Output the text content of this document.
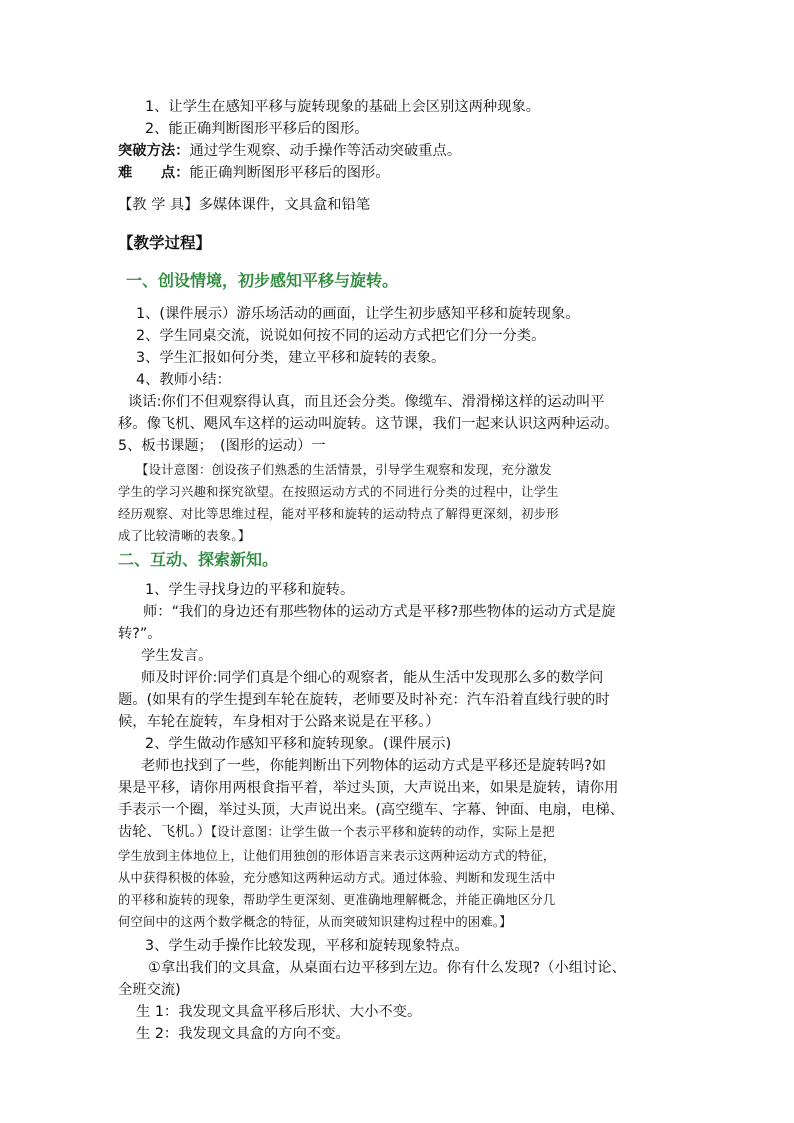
1、让学生在感知平移与旋转现象的基础上会区别这两种现象。
2、能正确判断图形平移后的图形。
突破方法：通过学生观察、动手操作等活动突破重点。
难　　点：能正确判断图形平移后的图形。
【教 学 具】多媒体课件，文具盒和铅笔
【教学过程】
一、创设情境，初步感知平移与旋转。
1、(课件展示）游乐场活动的画面，让学生初步感知平移和旋转现象。
2、学生同桌交流，说说如何按不同的运动方式把它们分一分类。
3、学生汇报如何分类，建立平移和旋转的表象。
4、教师小结：
谈话:你们不但观察得认真，而且还会分类。像缆车、滑滑梯这样的运动叫平
移。像飞机、飓风车这样的运动叫旋转。这节课，我们一起来认识这两种运动。
5、板书课题；　(图形的运动）一
【设计意图：创设孩子们熟悉的生活情景，引导学生观察和发现，充分激发
学生的学习兴趣和探究欲望。在按照运动方式的不同进行分类的过程中，让学生
经历观察、对比等思维过程，能对平移和旋转的运动特点了解得更深刻，初步形
成了比较清晰的表象。】
二、互动、探索新知。
1、学生寻找身边的平移和旋转。
师：“我们的身边还有那些物体的运动方式是平移?那些物体的运动方式是旋
转?”。
学生发言。
师及时评价:同学们真是个细心的观察者，能从生活中发现那么多的数学问
题。(如果有的学生提到车轮在旋转，老师要及时补充：汽车沿着直线行驶的时
候，车轮在旋转，车身相对于公路来说是在平移。）
2、学生做动作感知平移和旋转现象。(课件展示)
老师也找到了一些，你能判断出下列物体的运动方式是平移还是旋转吗?如
果是平移，请你用两根食指平着，举过头顶，大声说出来，如果是旋转，请你用
手表示一个圈，举过头顶，大声说出来。(高空缆车、字幕、钟面、电扇，电梯、
齿轮、飞机。）【设计意图：让学生做一个表示平移和旋转的动作，实际上是把
学生放到主体地位上，让他们用独创的形体语言来表示这两种运动方式的特征，
从中获得积极的体验，充分感知这两种运动方式。通过体验、判断和发现生活中
的平移和旋转的现象，帮助学生更深刻、更准确地理解概念，并能正确地区分几
何空间中的这两个数学概念的特征，从而突破知识建构过程中的困难。】
3、学生动手操作比较发现，平移和旋转现象特点。
①拿出我们的文具盒，从桌面右边平移到左边。你有什么发现?（小组讨论、
全班交流)
生 1：我发现文具盒平移后形状、大小不变。
生 2：我发现文具盒的方向不变。
